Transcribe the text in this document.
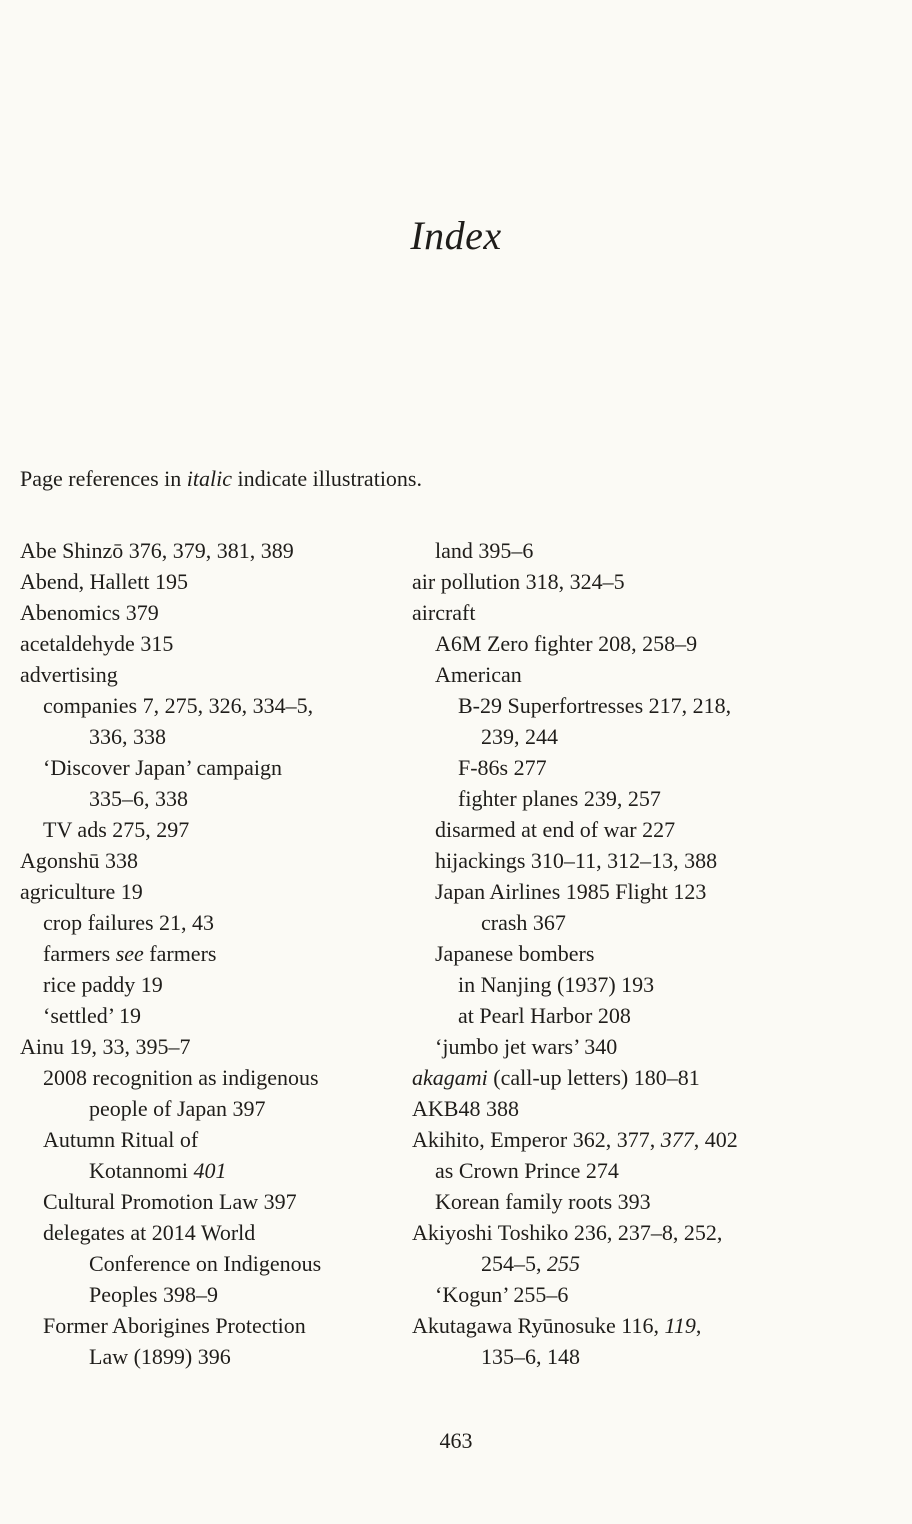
Index
Page references in italic indicate illustrations.
Abe Shinzō 376, 379, 381, 389
Abend, Hallett 195
Abenomics 379
acetaldehyde 315
advertising
companies 7, 275, 326, 334–5,
336, 338
‘Discover Japan’ campaign
335–6, 338
TV ads 275, 297
Agonshū 338
agriculture 19
crop failures 21, 43
farmers see farmers
rice paddy 19
‘settled’ 19
Ainu 19, 33, 395–7
2008 recognition as indigenous
people of Japan 397
Autumn Ritual of
Kotannomi 401
Cultural Promotion Law 397
delegates at 2014 World
Conference on Indigenous
Peoples 398–9
Former Aborigines Protection
Law (1899) 396
land 395–6
air pollution 318, 324–5
aircraft
A6M Zero fighter 208, 258–9
American
B-29 Superfortresses 217, 218,
239, 244
F-86s 277
fighter planes 239, 257
disarmed at end of war 227
hijackings 310–11, 312–13, 388
Japan Airlines 1985 Flight 123
crash 367
Japanese bombers
in Nanjing (1937) 193
at Pearl Harbor 208
‘jumbo jet wars’ 340
akagami (call-up letters) 180–81
AKB48 388
Akihito, Emperor 362, 377, 377, 402
as Crown Prince 274
Korean family roots 393
Akiyoshi Toshiko 236, 237–8, 252,
254–5, 255
‘Kogun’ 255–6
Akutagawa Ryūnosuke 116, 119,
135–6, 148
463
